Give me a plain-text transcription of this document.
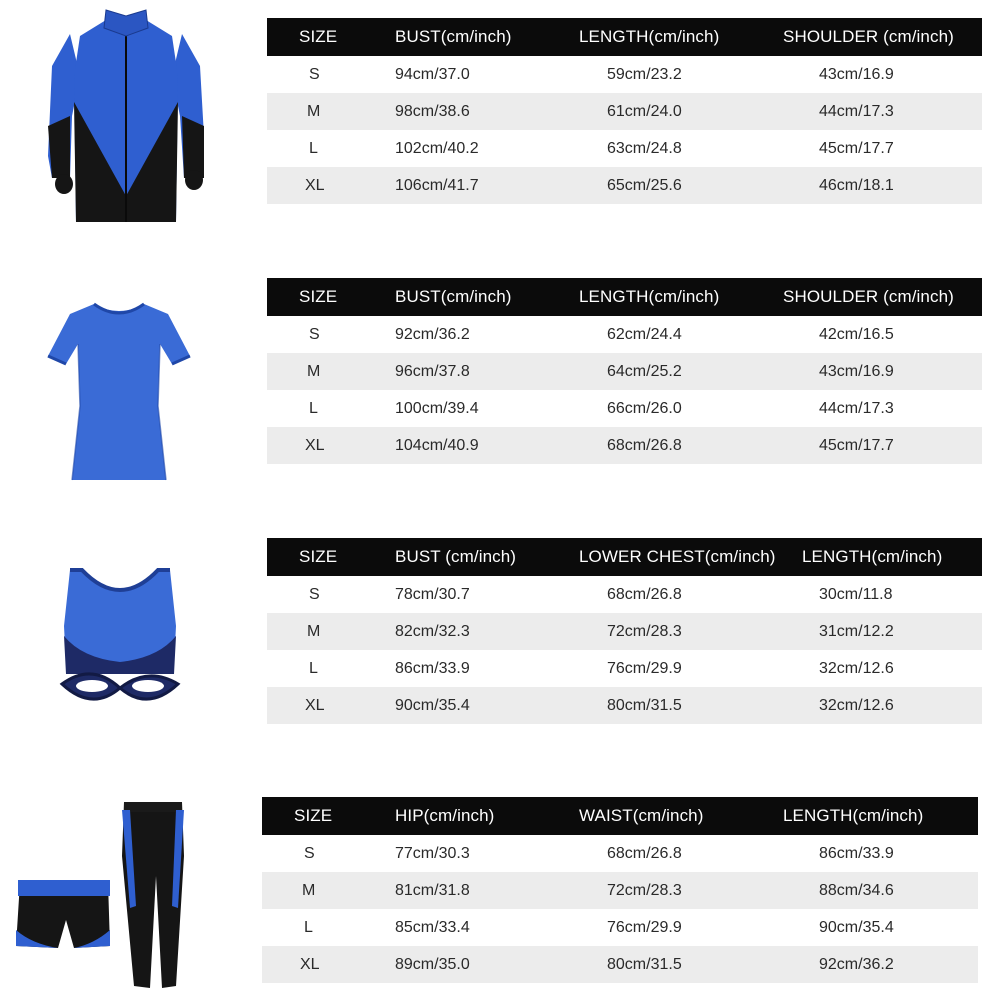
SIZE	BUST(cm/inch)	LENGTH(cm/inch)	SHOULDER (cm/inch)
S	94cm/37.0	59cm/23.2	43cm/16.9
M	98cm/38.6	61cm/24.0	44cm/17.3
L	102cm/40.2	63cm/24.8	45cm/17.7
XL	106cm/41.7	65cm/25.6	46cm/18.1
SIZE	BUST(cm/inch)	LENGTH(cm/inch)	SHOULDER (cm/inch)
S	92cm/36.2	62cm/24.4	42cm/16.5
M	96cm/37.8	64cm/25.2	43cm/16.9
L	100cm/39.4	66cm/26.0	44cm/17.3
XL	104cm/40.9	68cm/26.8	45cm/17.7
SIZE	BUST (cm/inch)	LOWER CHEST(cm/inch) LENGTH(cm/inch)
S	78cm/30.7	68cm/26.8	30cm/11.8
M	82cm/32.3	72cm/28.3	31cm/12.2
L	86cm/33.9	76cm/29.9	32cm/12.6
XL	90cm/35.4	80cm/31.5	32cm/12.6
SIZE	HIP(cm/inch)	WAIST(cm/inch)	LENGTH(cm/inch)
S	77cm/30.3	68cm/26.8	86cm/33.9
M	81cm/31.8	72cm/28.3	88cm/34.6
L	85cm/33.4	76cm/29.9	90cm/35.4
XL	89cm/35.0	80cm/31.5	92cm/36.2
